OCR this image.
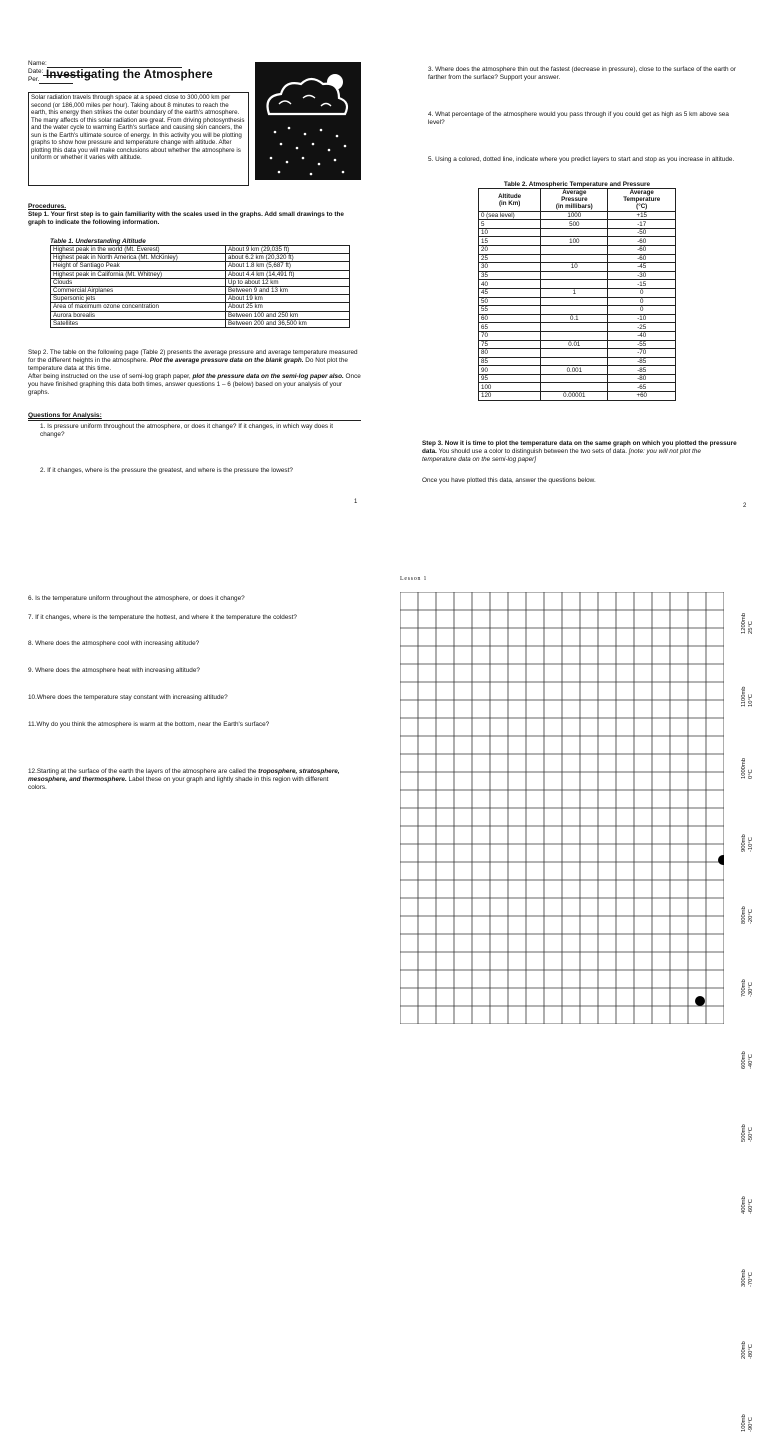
Name:
Date:
Per. Investigating the Atmosphere
Solar radiation travels through space at a speed close to 300,000 km per second (or 186,000 miles per hour). Taking about 8 minutes to reach the earth, this energy then strikes the outer boundary of the earth's atmosphere. The many affects of this solar radiation are great. From driving photosynthesis and the water cycle to warming Earth's surface and causing skin cancers, the sun is the Earth's ultimate source of energy. In this activity you will be plotting graphs to show how pressure and temperature change with altitude. After plotting this data you will make conclusions about whether the atmosphere is uniform or whether it varies with altitude.
Procedures.
Step 1. Your first step is to gain familiarity with the scales used in the graphs. Add small drawings to the graph to indicate the following information.
Table 1. Understanding Altitude
Highest peak in the world (Mt. Everest)	About 9 km (29,035 ft)
Highest peak in North America (Mt. McKinley)	about 6.2 km (20,320 ft)
Height of Santiago Peak	About 1.8 km (5,687 ft)
Highest peak in California (Mt. Whitney)	About 4.4 km (14,491 ft)
Clouds	Up to about 12 km
Commercial Airplanes	Between 9 and 13 km
Supersonic jets	About 19 km
Area of maximum ozone concentration	About 25 km
Aurora borealis	Between 100 and 250 km
Satellites	Between 200 and 36,500 km
Step 2. The table on the following page (Table 2) presents the average pressure and average temperature measured for the different heights in the atmosphere. Plot the average pressure data on the blank graph. Do Not plot the temperature data at this time.
After being instructed on the use of semi-log graph paper, plot the pressure data on the semi-log paper also. Once you have finished graphing this data both times, answer questions 1 – 6 (below) based on your analysis of your graphs.
Questions for Analysis:
1. Is pressure uniform throughout the atmosphere, or does it change? If it changes, in which way does it change?
2. If it changes, where is the pressure the greatest, and where is the pressure the lowest?
1
3. Where does the atmosphere thin out the fastest (decrease in pressure), close to the surface of the earth or farther from the surface? Support your answer.
4. What percentage of the atmosphere would you pass through if you could get as high as 5 km above sea level?
5. Using a colored, dotted line, indicate where you predict layers to start and stop as you increase in altitude.
Table 2. Atmospheric Temperature and Pressure
Altitude
(in Km)	Average
Pressure
(in millibars)	Average
Temperature
(°C)
0 (sea level)	1000	+15
5	500	-17
10		-50
15	100	-60
20		-60
25		-60
30	10	-45
35		-30
40		-15
45	1	0
50		0
55		0
60	0.1	-10
65		-25
70		-40
75	0.01	-55
80		-70
85		-85
90	0.001	-85
95		-80
100		-65
120	0.00001	+60
Step 3. Now it is time to plot the temperature data on the same graph on which you plotted the pressure data. You should use a color to distinguish between the two sets of data. [note: you will not plot the temperature data on the semi-log paper]
Once you have plotted this data, answer the questions below.
2
6. Is the temperature uniform throughout the atmosphere, or does it change?
7. If it changes, where is the temperature the hottest, and where it the temperature the coldest?
8. Where does the atmosphere cool with increasing altitude?
9. Where does the atmosphere heat with increasing altitude?
10.Where does the temperature stay constant with increasing altitude?
11.Why do you think the atmosphere is warm at the bottom, near the Earth's surface?
12.Starting at the surface of the earth the layers of the atmosphere are called the troposphere, stratosphere, mesosphere, and thermosphere. Label these on your graph and lightly shade in this region with different colors.
Lesson 1
1200mb
25°C
1100mb
10°C
1000mb
0°C
900mb
-10°C
800mb
-20°C
700mb
-30°C
600mb
-40°C
500mb
-50°C
400mb
-60°C
300mb
-70°C
200mb
-80°C
100mb
-90°C
